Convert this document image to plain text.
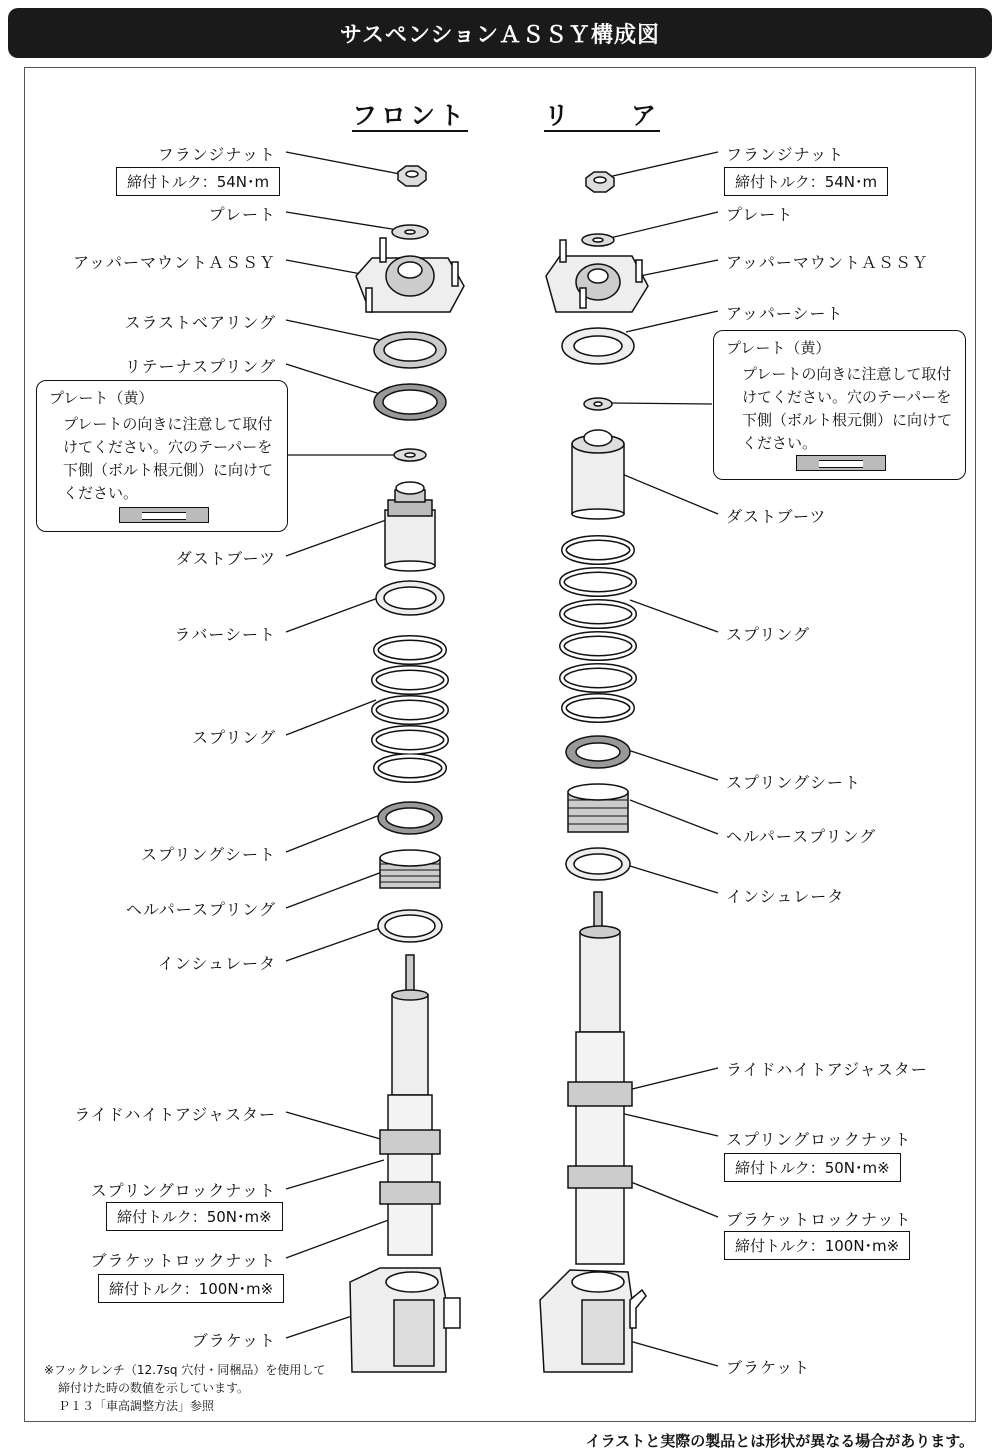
サスペンションＡＳＳＹ構成図
フロント	リ　　ア
フランジナット
締付トルク：54N･m
プレート
アッパーマウントＡＳＳＹ
スラストベアリング
リテーナスプリング
プレート（黄）
プレートの向きに注意して取付
けてください。穴のテーパーを
下側（ボルト根元側）に向けて
ください。
ダストブーツ
ラバーシート
スプリング
スプリングシート
ヘルパースプリング
インシュレータ
ライドハイトアジャスター
スプリングロックナット
締付トルク：50N･m※
ブラケットロックナット
締付トルク：100N･m※
ブラケット
フランジナット
締付トルク：54N･m
プレート
アッパーマウントＡＳＳＹ
アッパーシート
プレート（黄）
プレートの向きに注意して取付
けてください。穴のテーパーを
下側（ボルト根元側）に向けて
ください。
ダストブーツ
スプリング
スプリングシート
ヘルパースプリング
インシュレータ
ライドハイトアジャスター
スプリングロックナット
締付トルク：50N･m※
ブラケットロックナット
締付トルク：100N･m※
ブラケット
※フックレンチ（12.7sq 穴付・同梱品）を使用して
締付けた時の数値を示しています。
Ｐ１３「車高調整方法」参照
イラストと実際の製品とは形状が異なる場合があります。
